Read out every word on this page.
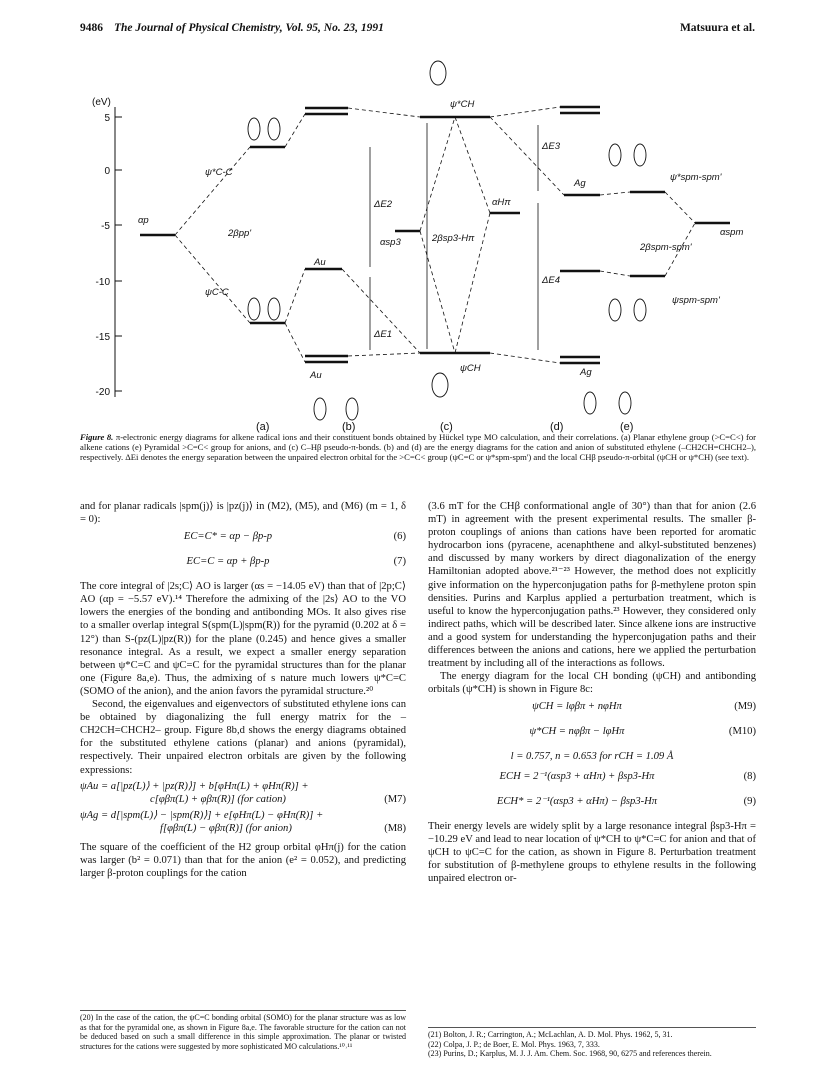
9486 The Journal of Physical Chemistry, Vol. 95, No. 23, 1991	Matsuura et al.
(eV)
5
0
-5
-10
-15
-20
αp
2βpp'
ψ*C-C
ψC-C
Au
Au
ΔE1
ΔE2
αsp3	2βsp3-Hπ
ψ*CH
ψCH
αHπ
ΔE3
ΔE4
Ag
Ag
ψ*spm-spm'
αspm
2βspm-spm'
ψspm-spm'
(a)	(b)	(c)	(d)	(e)
Figure 8. π-electronic energy diagrams for alkene radical ions and their constituent bonds obtained by Hückel type MO calculation, and their correlations. (a) Planar ethylene group (>C=C<) for alkene cations (e) Pyramidal >C=C< group for anions, and (c) C–Hβ pseudo-π-bonds. (b) and (d) are the energy diagrams for the cation and anion of substituted ethylene (–CH2CH=CHCH2–), respectively. ΔEi denotes the energy separation between the unpaired electron orbital for the >C=C< group (ψC=C or ψ*spm-spm') and the local CHβ pseudo-π-orbital (ψCH or ψ*CH) (see text).

and for planar radicals |spm(j)⟩ is |pz(j)⟩ in (M2), (M5), and (M6) (m = 1, δ = 0):

EC=C* = αp − βp-p	(6)
EC=C = αp + βp-p	(7)

The core integral of |2s;C⟩ AO is larger (αs = −14.05 eV) than that of |2p;C⟩ AO (αp = −5.57 eV).¹⁴ Therefore the admixing of the |2s⟩ AO to the VO lowers the energies of the bonding and antibonding MOs. It also gives rise to a smaller overlap integral S(spm(L)|spm(R)) for the pyramid (0.202 at δ = 12°) than S-(pz(L)|pz(R)) for the plane (0.245) and hence gives a smaller resonance integral. As a result, we expect a smaller energy separation between ψ*C=C and ψC=C for the pyramidal structures than for the planar one (Figure 8a,e). Thus, the admixing of s nature much lowers ψ*C=C (SOMO of the anion), and the anion favors the pyramidal structure.²⁰

Second, the eigenvalues and eigenvectors of substituted ethylene ions can be obtained by diagonalizing the full energy matrix for the –CH2CH=CHCH2– group. Figure 8b,d shows the energy diagrams obtained for the substituted ethylene cations (planar) and anions (pyramidal), respectively. Their unpaired electron orbitals are given by the following expressions:

ψAu = a[|pz(L)⟩ + |pz(R)⟩] + b[φHπ(L) + φHπ(R)] +
c[φβπ(L) + φβπ(R)] (for cation)	(M7)
ψAg = d[|spm(L)⟩ − |spm(R)⟩] + e[φHπ(L) − φHπ(R)] +
f[φβπ(L) − φβπ(R)] (for anion)	(M8)

The square of the coefficient of the H2 group orbital φHπ(j) for the cation was larger (b² = 0.071) than that for the anion (e² = 0.052), and predicting larger β-proton couplings for the cation

(20) In the case of the cation, the ψC=C bonding orbital (SOMO) for the planar structure was as low as that for the pyramidal one, as shown in Figure 8a,e. The favorable structure for the cation can not be deduced based on such a small difference in this simple approximation. The planar or twisted structures for the cations were suggested by more sophisticated MO calculations.¹⁰˒¹¹

(3.6 mT for the CHβ conformational angle of 30°) than that for anion (2.6 mT) in agreement with the present experimental results. The smaller β-proton couplings of anions than cations have been reported for aromatic hydrocarbon ions (pyracene, acenaphthene and alkyl-substituted benzenes) and discussed by many workers by direct diagonalization of the energy Hamiltonian adopted above.²¹⁻²³ However, the method does not explicitly give information on the hyperconjugation paths for β-methylene proton spin densities. Purins and Karplus applied a perturbation treatment, which is useful to know the hyperconjugation paths.²³ However, they considered only indirect paths, which will be described later. Since alkene ions are instructive and a good system for understanding the hyperconjugation paths and their differences between the anions and cations, here we applied the perturbation treatment by including all of the interactions as follows.

The energy diagram for the local CH bonding (ψCH) and antibonding orbitals (ψ*CH) is shown in Figure 8c:

ψCH = lφβπ + nφHπ	(M9)
ψ*CH = nφβπ − lφHπ	(M10)
l = 0.757, n = 0.653 for rCH = 1.09 Å
ECH = 2⁻¹(αsp3 + αHπ) + βsp3-Hπ	(8)
ECH* = 2⁻¹(αsp3 + αHπ) − βsp3-Hπ	(9)

Their energy levels are widely split by a large resonance integral βsp3-Hπ = −10.29 eV and lead to near location of ψ*CH to ψ*C=C for anion and that of ψCH to ψC=C for the cation, as shown in Figure 8. Perturbation treatment for substitution of β-methylene groups to ethylene results in the following unpaired electron or-

(21) Bolton, J. R.; Carrington, A.; McLachlan, A. D. Mol. Phys. 1962, 5, 31.
(22) Colpa, J. P.; de Boer, E. Mol. Phys. 1963, 7, 333.
(23) Purins, D.; Karplus, M. J. J. Am. Chem. Soc. 1968, 90, 6275 and references therein.
